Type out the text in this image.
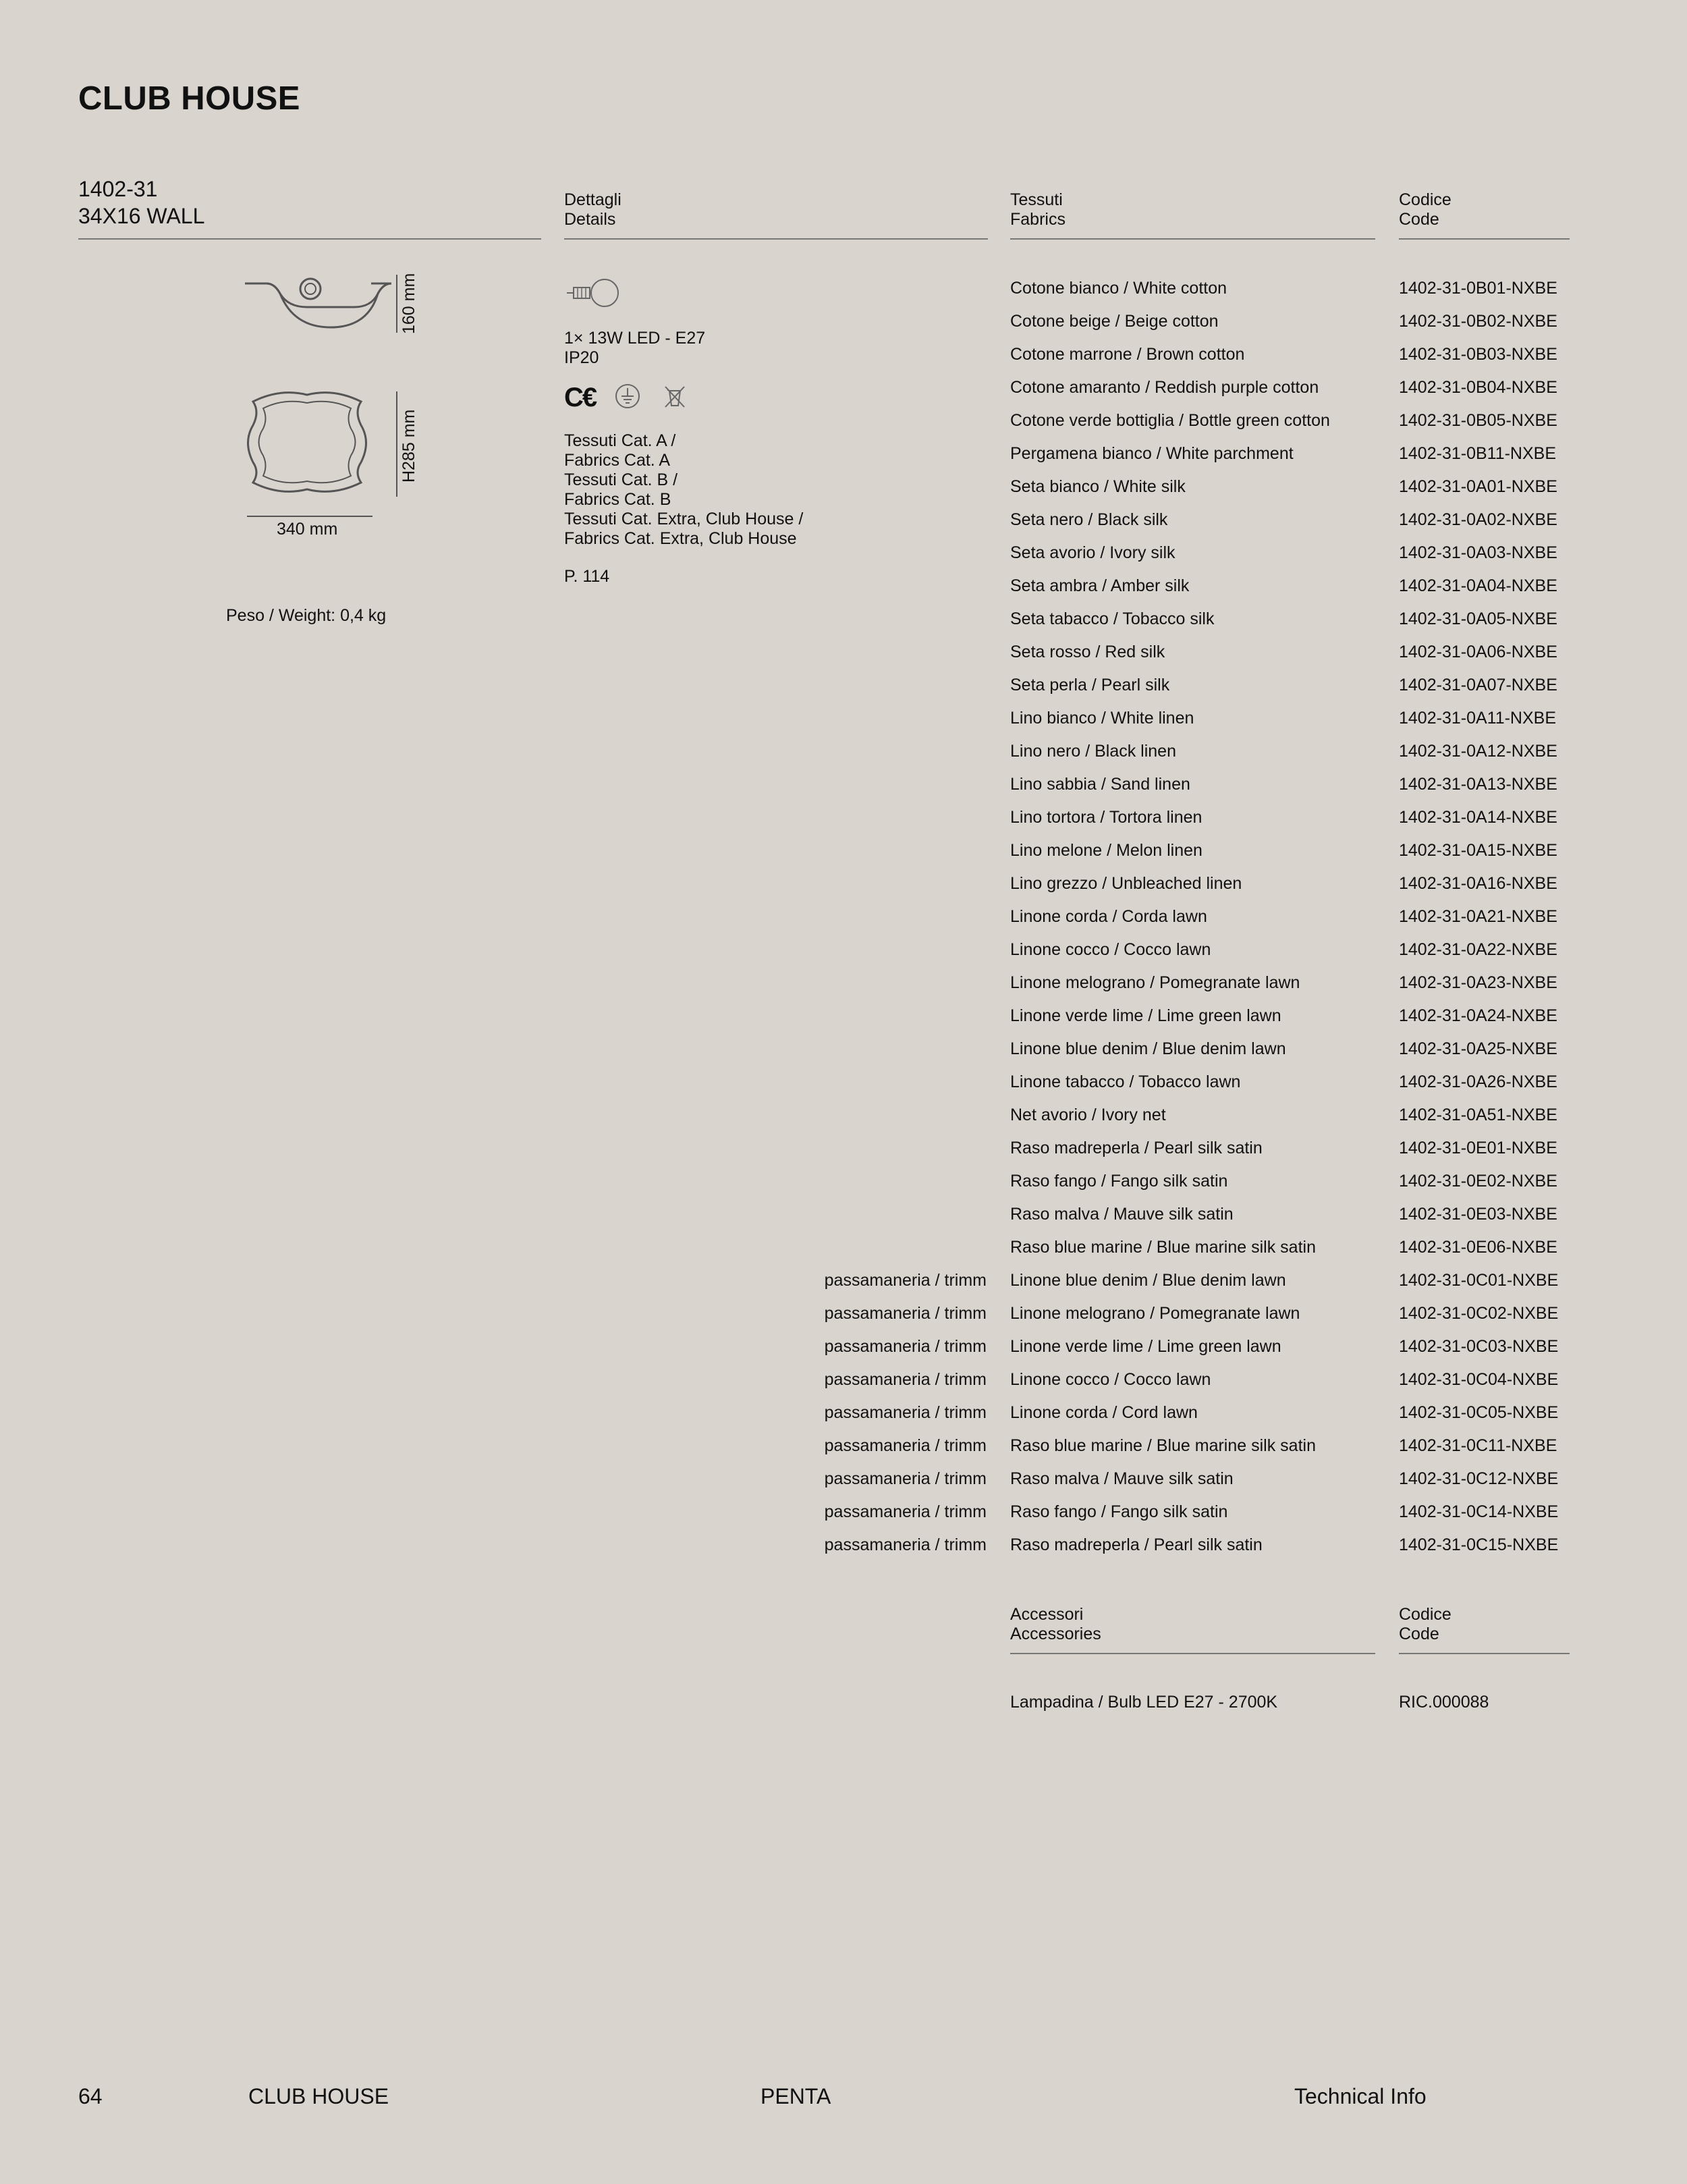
CLUB HOUSE
1402-31
34X16 WALL
Dettagli
Details
Tessuti
Fabrics
Codice
Code
160 mm
H285 mm
340 mm
Peso / Weight: 0,4 kg
1× 13W LED - E27
IP20
C€
Tessuti Cat. A /
Fabrics Cat. A
Tessuti Cat. B /
Fabrics Cat. B
Tessuti Cat. Extra, Club House /
Fabrics Cat. Extra, Club House
P. 114
Cotone bianco / White cotton	1402-31-0B01-NXBE
Cotone beige / Beige cotton	1402-31-0B02-NXBE
Cotone marrone / Brown cotton	1402-31-0B03-NXBE
Cotone amaranto / Reddish purple cotton	1402-31-0B04-NXBE
Cotone verde bottiglia / Bottle green cotton	1402-31-0B05-NXBE
Pergamena bianco / White parchment	1402-31-0B11-NXBE
Seta bianco / White silk	1402-31-0A01-NXBE
Seta nero / Black silk	1402-31-0A02-NXBE
Seta avorio / Ivory silk	1402-31-0A03-NXBE
Seta ambra / Amber silk	1402-31-0A04-NXBE
Seta tabacco / Tobacco silk	1402-31-0A05-NXBE
Seta rosso / Red silk	1402-31-0A06-NXBE
Seta perla / Pearl silk	1402-31-0A07-NXBE
Lino bianco / White linen	1402-31-0A11-NXBE
Lino nero / Black linen	1402-31-0A12-NXBE
Lino sabbia / Sand linen	1402-31-0A13-NXBE
Lino tortora / Tortora linen	1402-31-0A14-NXBE
Lino melone / Melon linen	1402-31-0A15-NXBE
Lino grezzo / Unbleached linen	1402-31-0A16-NXBE
Linone corda / Corda lawn	1402-31-0A21-NXBE
Linone cocco / Cocco lawn	1402-31-0A22-NXBE
Linone melograno / Pomegranate lawn	1402-31-0A23-NXBE
Linone verde lime / Lime green lawn	1402-31-0A24-NXBE
Linone blue denim / Blue denim lawn	1402-31-0A25-NXBE
Linone tabacco / Tobacco lawn	1402-31-0A26-NXBE
Net avorio / Ivory net	1402-31-0A51-NXBE
Raso madreperla / Pearl silk satin	1402-31-0E01-NXBE
Raso fango / Fango silk satin	1402-31-0E02-NXBE
Raso malva / Mauve silk satin	1402-31-0E03-NXBE
Raso blue marine / Blue marine silk satin	1402-31-0E06-NXBE
passamaneria / trimm Linone blue denim / Blue denim lawn	1402-31-0C01-NXBE
passamaneria / trimm Linone melograno / Pomegranate lawn	1402-31-0C02-NXBE
passamaneria / trimm Linone verde lime / Lime green lawn	1402-31-0C03-NXBE
passamaneria / trimm Linone cocco / Cocco lawn	1402-31-0C04-NXBE
passamaneria / trimm Linone corda / Cord lawn	1402-31-0C05-NXBE
passamaneria / trimm Raso blue marine / Blue marine silk satin	1402-31-0C11-NXBE
passamaneria / trimm Raso malva / Mauve silk satin	1402-31-0C12-NXBE
passamaneria / trimm Raso fango / Fango silk satin	1402-31-0C14-NXBE
passamaneria / trimm Raso madreperla / Pearl silk satin	1402-31-0C15-NXBE
Accessori
Accessories
Codice
Code
Lampadina / Bulb LED E27 - 2700K	RIC.000088
64	CLUB HOUSE	PENTA	Technical Info
